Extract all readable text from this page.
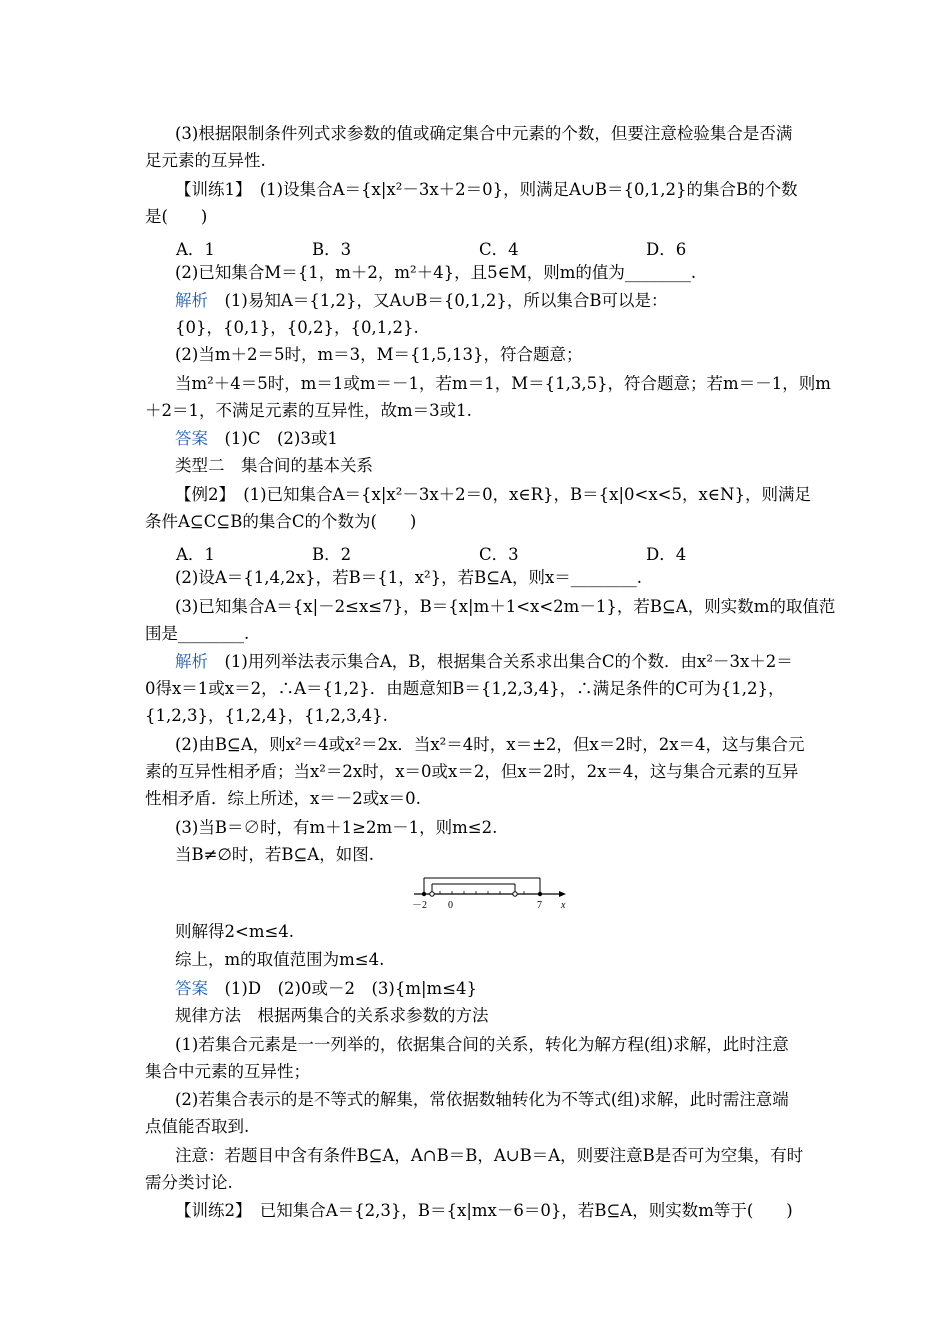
(3)根据限制条件列式求参数的值或确定集合中元素的个数，但要注意检验集合是否满
足元素的互异性.
【训练1】　(1)设集合A＝{x|x²－3x＋2＝0}，则满足A∪B＝{0,1,2}的集合B的个数
是(　　)
A．1	B．3	C．4	D．6
(2)已知集合M＝{1，m＋2，m²＋4}，且5∈M，则m的值为________.
解析　 (1)易知A＝{1,2}，又A∪B＝{0,1,2}，所以集合B可以是：
{0}，{0,1}，{0,2}，{0,1,2}.
(2)当m＋2＝5时，m＝3，M＝{1,5,13}，符合题意；
当m²＋4＝5时，m＝1或m＝－1，若m＝1，M＝{1,3,5}，符合题意；若m＝－1，则m
＋2＝1，不满足元素的互异性，故m＝3或1.
答案　 (1)C　(2)3或1
类型二　集合间的基本关系
【例2】　(1)已知集合A＝{x|x²－3x＋2＝0，x∈R}，B＝{x|0<x<5，x∈N}，则满足
条件A⊆C⊆B的集合C的个数为(　　)
A．1	B．2	C．3	D．4
(2)设A＝{1,4,2x}，若B＝{1，x²}，若B⊆A，则x＝________.
(3)已知集合A＝{x|－2≤x≤7}，B＝{x|m＋1<x<2m－1}，若B⊆A，则实数m的取值范
围是________.
解析　 (1)用列举法表示集合A，B，根据集合关系求出集合C的个数．由x²－3x＋2＝
0得x＝1或x＝2，∴A＝{1,2}．由题意知B＝{1,2,3,4}，∴满足条件的C可为{1,2}，
{1,2,3}，{1,2,4}，{1,2,3,4}.
(2)由B⊆A，则x²＝4或x²＝2x．当x²＝4时，x＝±2，但x＝2时，2x＝4，这与集合元
素的互异性相矛盾；当x²＝2x时，x＝0或x＝2，但x＝2时，2x＝4，这与集合元素的互异
性相矛盾．综上所述，x＝－2或x＝0.
(3)当B＝∅时，有m＋1≥2m－1，则m≤2.
当B≠∅时，若B⊆A，如图.
－2 0	7 x
则解得2<m≤4.
综上，m的取值范围为m≤4.
答案　 (1)D　(2)0或－2　(3){m|m≤4}
规律方法　根据两集合的关系求参数的方法
(1)若集合元素是一一列举的，依据集合间的关系，转化为解方程(组)求解，此时注意
集合中元素的互异性；
(2)若集合表示的是不等式的解集，常依据数轴转化为不等式(组)求解，此时需注意端
点值能否取到.
注意：若题目中含有条件B⊆A，A∩B＝B，A∪B＝A，则要注意B是否可为空集，有时
需分类讨论.
【训练2】　已知集合A＝{2,3}，B＝{x|mx－6＝0}，若B⊆A，则实数m等于(　　)
